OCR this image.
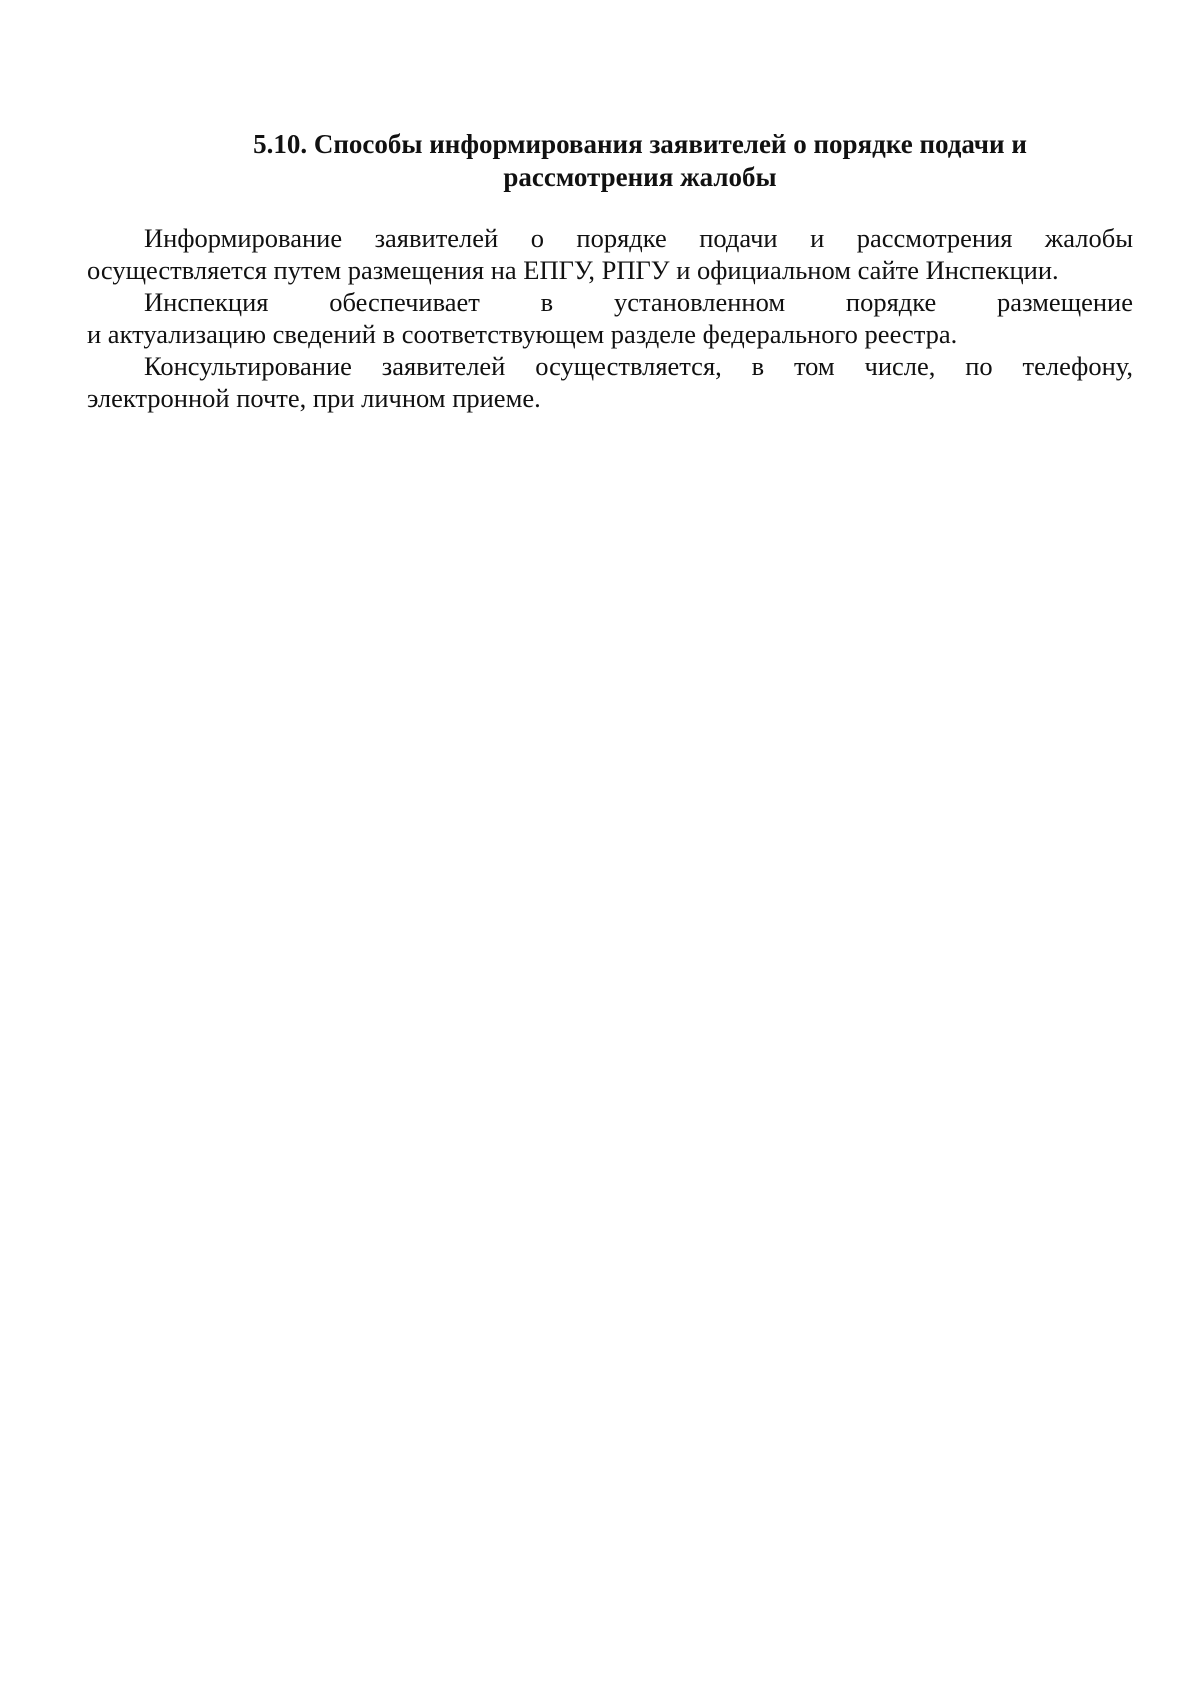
5.10. Способы информирования заявителей о порядке подачи и
рассмотрения жалобы

Информирование заявителей о порядке подачи и рассмотрения жалобы
осуществляется путем размещения на ЕПГУ, РПГУ и официальном сайте Инспекции.

Инспекция обеспечивает в установленном порядке размещение
и актуализацию сведений в соответствующем разделе федерального реестра.

Консультирование заявителей осуществляется, в том числе, по телефону,
электронной почте, при личном приеме.
